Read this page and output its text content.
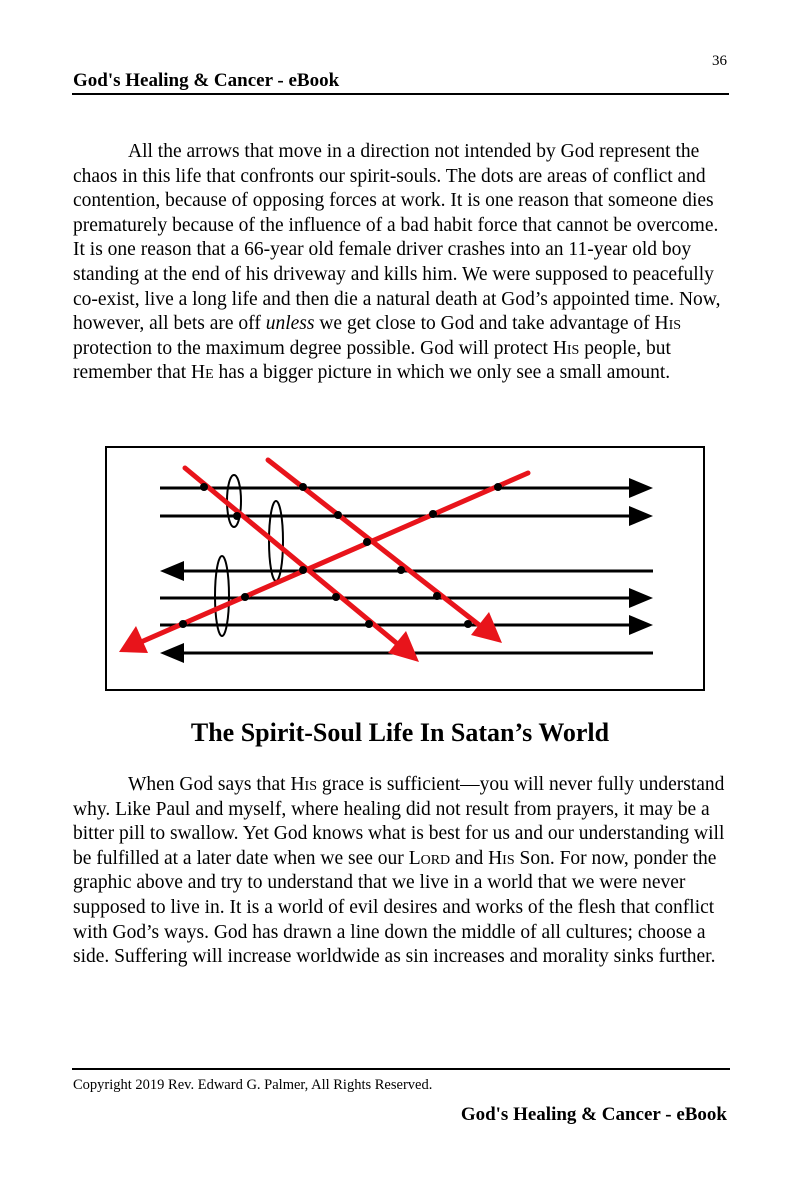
36
God's Healing & Cancer - eBook

All the arrows that move in a direction not intended by God represent the chaos in this life that confronts our spirit-souls. The dots are areas of conflict and contention, because of opposing forces at work. It is one reason that someone dies prematurely because of the influence of a bad habit force that cannot be overcome. It is one reason that a 66-year old female driver crashes into an 11-year old boy standing at the end of his driveway and kills him. We were supposed to peacefully co-exist, live a long life and then die a natural death at God’s appointed time. Now, however, all bets are off unless we get close to God and take advantage of His protection to the maximum degree possible. God will protect His people, but remember that He has a bigger picture in which we only see a small amount.

The Spirit-Soul Life In Satan’s World

When God says that His grace is sufficient—you will never fully understand why. Like Paul and myself, where healing did not result from prayers, it may be a bitter pill to swallow. Yet God knows what is best for us and our understanding will be fulfilled at a later date when we see our Lord and His Son. For now, ponder the graphic above and try to understand that we live in a world that we were never supposed to live in. It is a world of evil desires and works of the flesh that conflict with God’s ways. God has drawn a line down the middle of all cultures; choose a side. Suffering will increase worldwide as sin increases and morality sinks further.

Copyright 2019 Rev. Edward G. Palmer, All Rights Reserved.
God's Healing & Cancer - eBook
